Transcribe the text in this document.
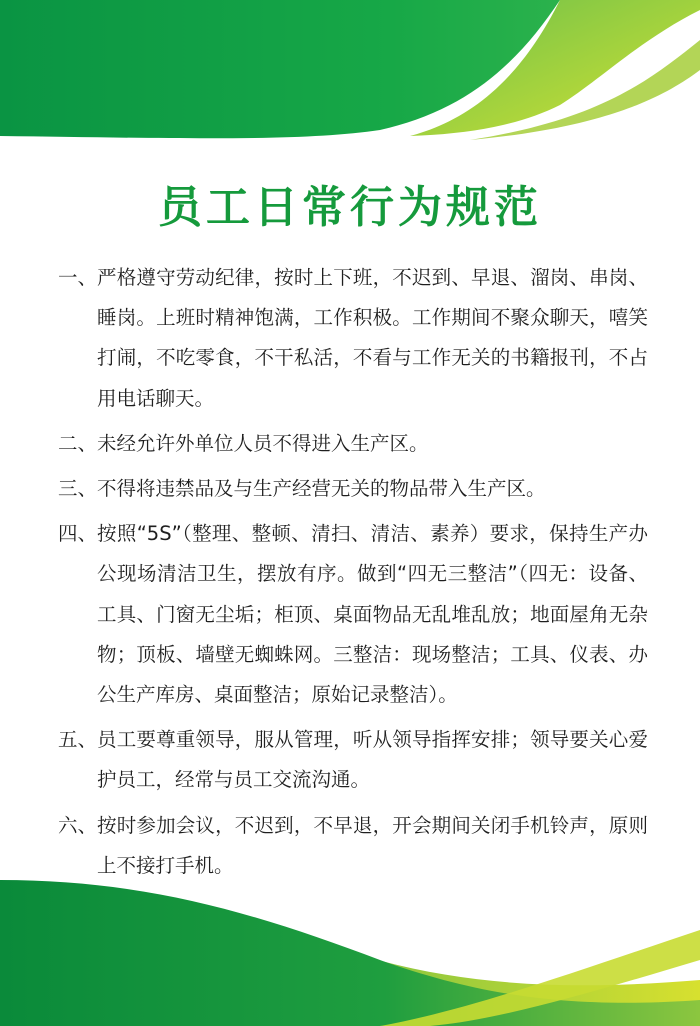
员工日常行为规范
一、 严格遵守劳动纪律，按时上下班，不迟到、早退、溜岗、串岗、睡岗。上班时精神饱满，工作积极。工作期间不聚众聊天，嘻笑打闹，不吃零食，不干私活，不看与工作无关的书籍报刊，不占用电话聊天。
二、 未经允许外单位人员不得进入生产区。
三、 不得将违禁品及与生产经营无关的物品带入生产区。
四、 按照“5S”（整理、整顿、清扫、清洁、素养）要求，保持生产办公现场清洁卫生，摆放有序。做到“四无三整洁”（四无：设备、工具、门窗无尘垢；柜顶、桌面物品无乱堆乱放；地面屋角无杂物；顶板、墙壁无蜘蛛网。三整洁：现场整洁；工具、仪表、办公生产库房、桌面整洁；原始记录整洁）。
五、 员工要尊重领导，服从管理，听从领导指挥安排；领导要关心爱护员工，经常与员工交流沟通。
六、 按时参加会议，不迟到，不早退，开会期间关闭手机铃声，原则上不接打手机。
